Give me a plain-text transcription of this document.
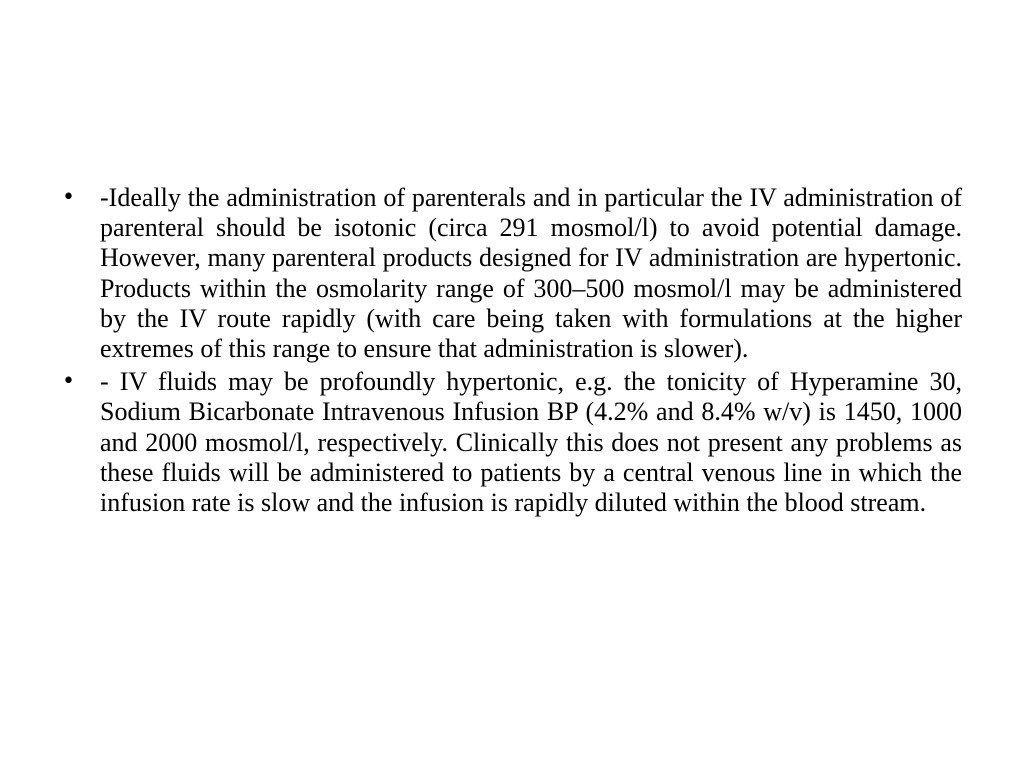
• -Ideally the administration of parenterals and in particular the IV administration of parenteral should be isotonic (circa 291 mosmol/l) to avoid potential damage. However, many parenteral products designed for IV administration are hypertonic. Products within the osmolarity range of 300–500 mosmol/l may be administered by the IV route rapidly (with care being taken with formulations at the higher extremes of this range to ensure that administration is slower).
• - IV fluids may be profoundly hypertonic, e.g. the tonicity of Hyperamine 30, Sodium Bicarbonate Intravenous Infusion BP (4.2% and 8.4% w/v) is 1450, 1000 and 2000 mosmol/l, respectively. Clinically this does not present any problems as these fluids will be administered to patients by a central venous line in which the infusion rate is slow and the infusion is rapidly diluted within the blood stream.
